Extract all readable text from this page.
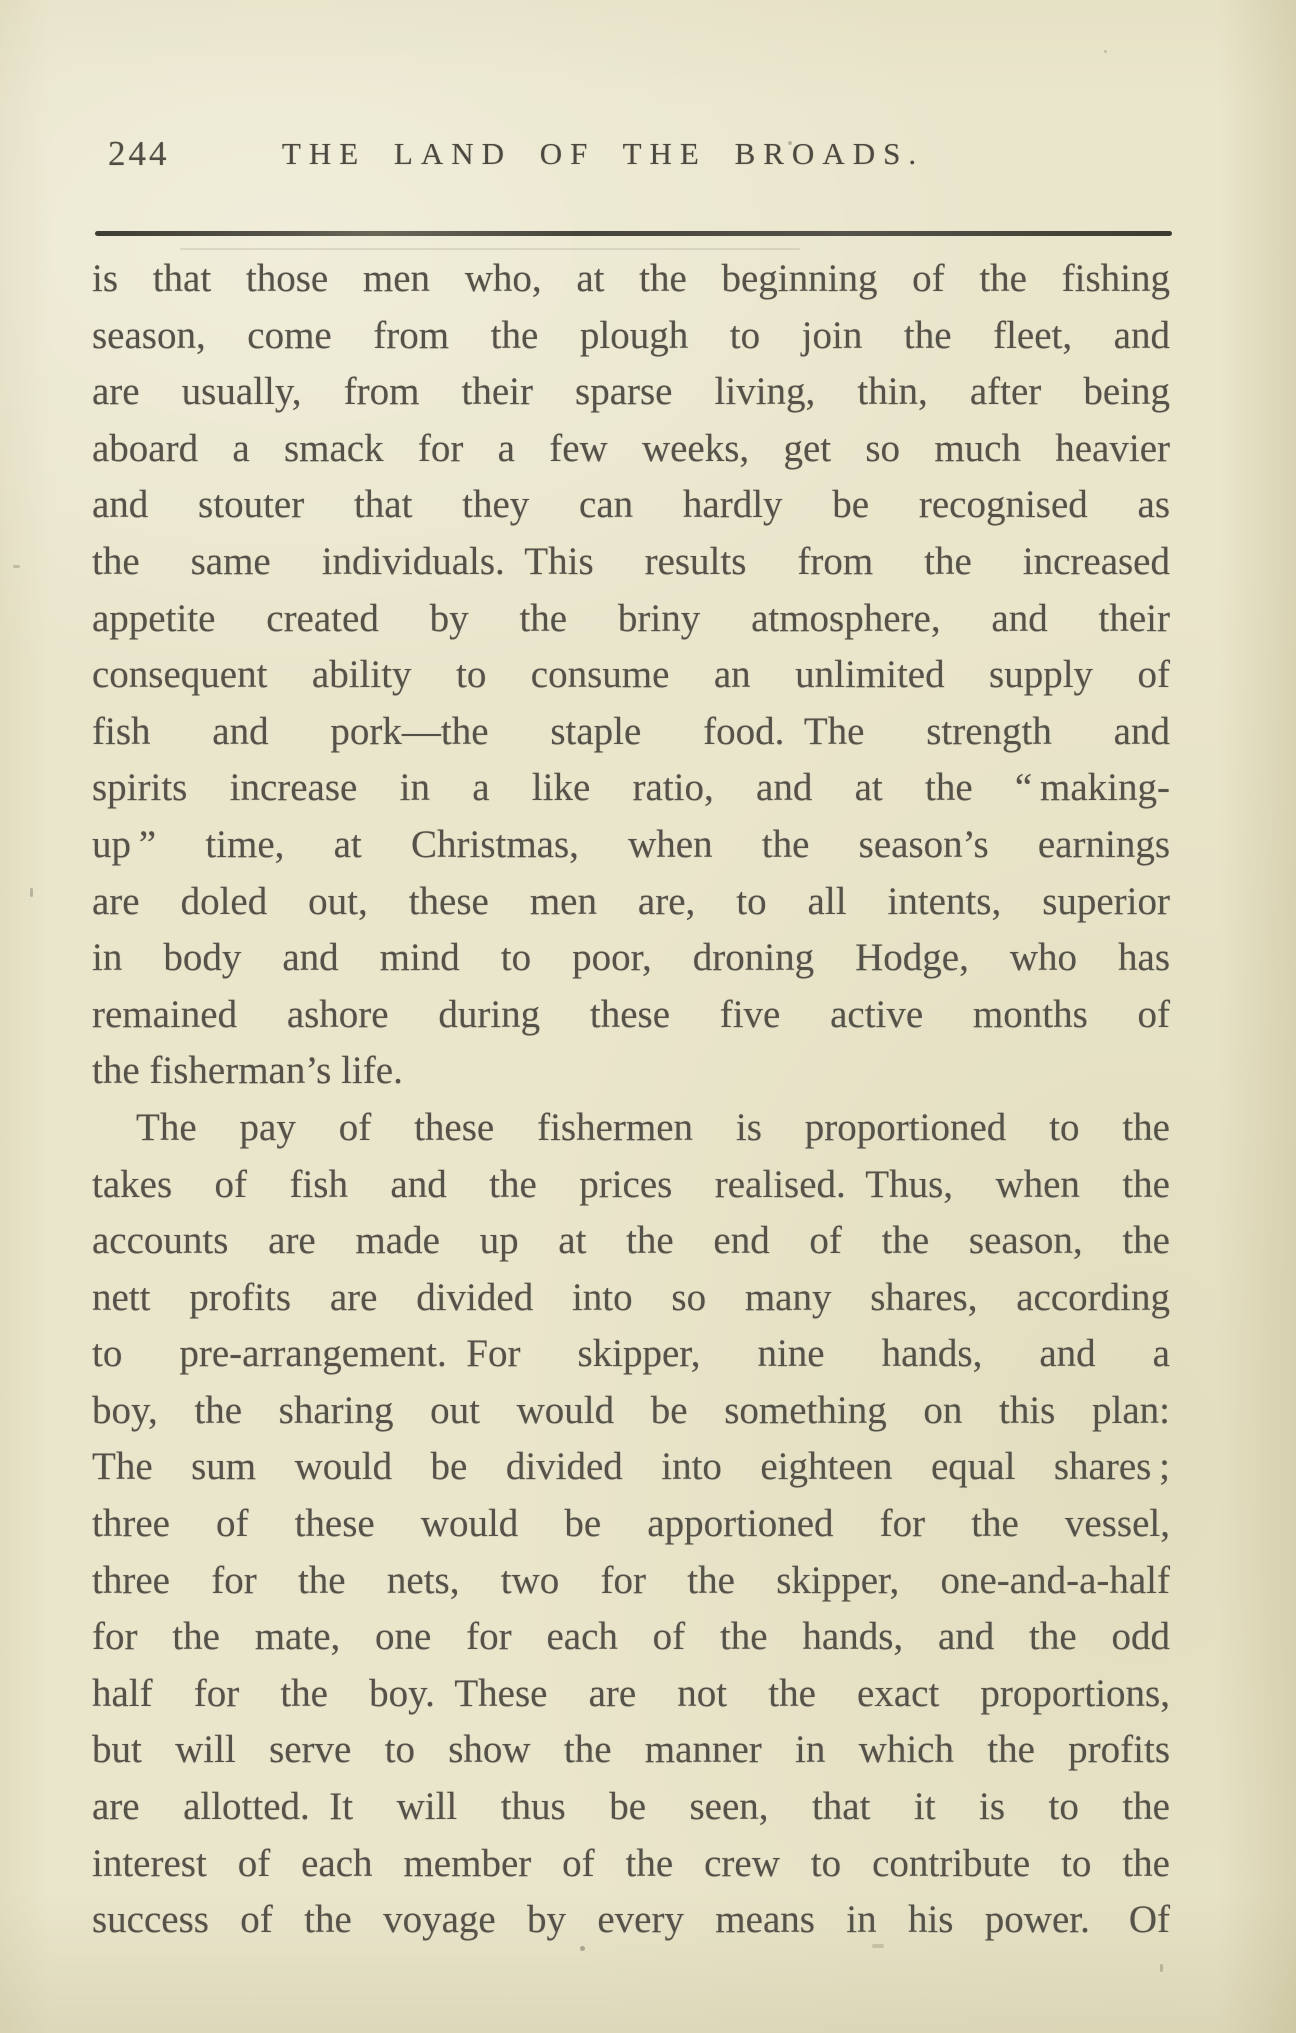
244	THE LAND OF THE BROADS.
is that those men who, at the beginning of the fishing
season, come from the plough to join the fleet, and
are usually, from their sparse living, thin, after being
aboard a smack for a few weeks, get so much heavier
and stouter that they can hardly be recognised as
the same individuals. This results from the increased
appetite created by the briny atmosphere, and their
consequent ability to consume an unlimited supply of
fish and pork—the staple food. The strength and
spirits increase in a like ratio, and at the “ making-
up ” time, at Christmas, when the season’s earnings
are doled out, these men are, to all intents, superior
in body and mind to poor, droning Hodge, who has
remained ashore during these five active months of
the fisherman’s life.
The pay of these fishermen is proportioned to the
takes of fish and the prices realised. Thus, when the
accounts are made up at the end of the season, the
nett profits are divided into so many shares, according
to pre-arrangement. For skipper, nine hands, and a
boy, the sharing out would be something on this plan:
The sum would be divided into eighteen equal shares ;
three of these would be apportioned for the vessel,
three for the nets, two for the skipper, one-and-a-half
for the mate, one for each of the hands, and the odd
half for the boy. These are not the exact proportions,
but will serve to show the manner in which the profits
are allotted. It will thus be seen, that it is to the
interest of each member of the crew to contribute to the
success of the voyage by every means in his power.  Of
